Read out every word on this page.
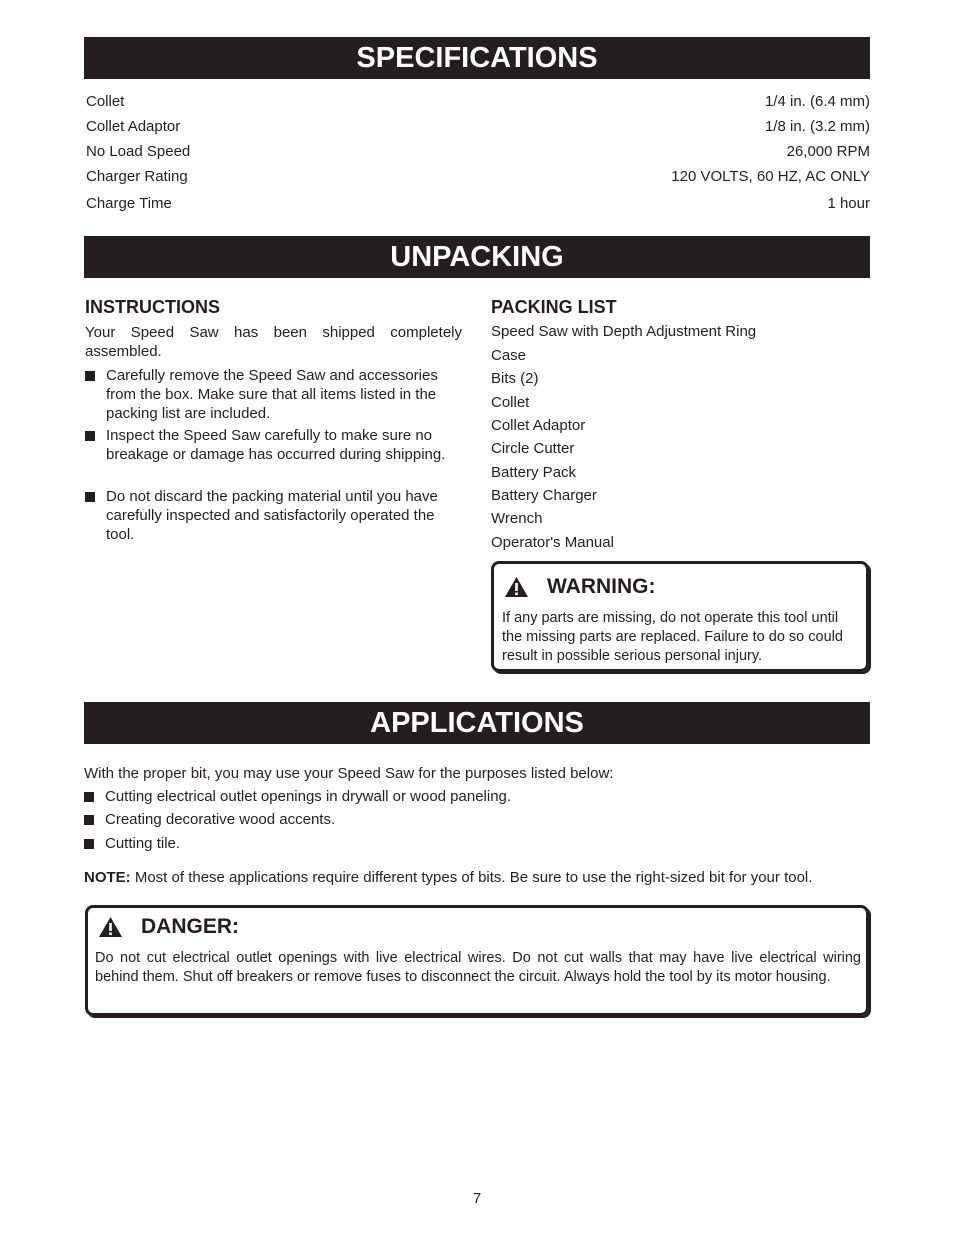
SPECIFICATIONS
Collet	1/4 in. (6.4 mm)
Collet Adaptor	1/8 in. (3.2 mm)
No Load Speed	26,000 RPM
Charger Rating	120 VOLTS, 60 HZ, AC ONLY
Charge Time	1 hour
UNPACKING
INSTRUCTIONS
Your Speed Saw has been shipped completely
assembled.
Carefully remove the Speed Saw and accessories from the box. Make sure that all items listed in the packing list are included.
Inspect the Speed Saw carefully to make sure no breakage or damage has occurred during shipping.
Do not discard the packing material until you have carefully inspected and satisfactorily operated the tool.
PACKING LIST
Speed Saw with Depth Adjustment Ring
Case
Bits (2)
Collet
Collet Adaptor
Circle Cutter
Battery Pack
Battery Charger
Wrench
Operator's Manual
WARNING:
If any parts are missing, do not operate this tool until the missing parts are replaced. Failure to do so could result in possible serious personal injury.
APPLICATIONS
With the proper bit, you may use your Speed Saw for the purposes listed below:
Cutting electrical outlet openings in drywall or wood paneling.
Creating decorative wood accents.
Cutting tile.
NOTE: Most of these applications require different types of bits. Be sure to use the right-sized bit for your tool.
DANGER:
Do not cut electrical outlet openings with live electrical wires. Do not cut walls that may have live electrical wiring behind them. Shut off breakers or remove fuses to disconnect the circuit. Always hold the tool by its motor housing.
7
